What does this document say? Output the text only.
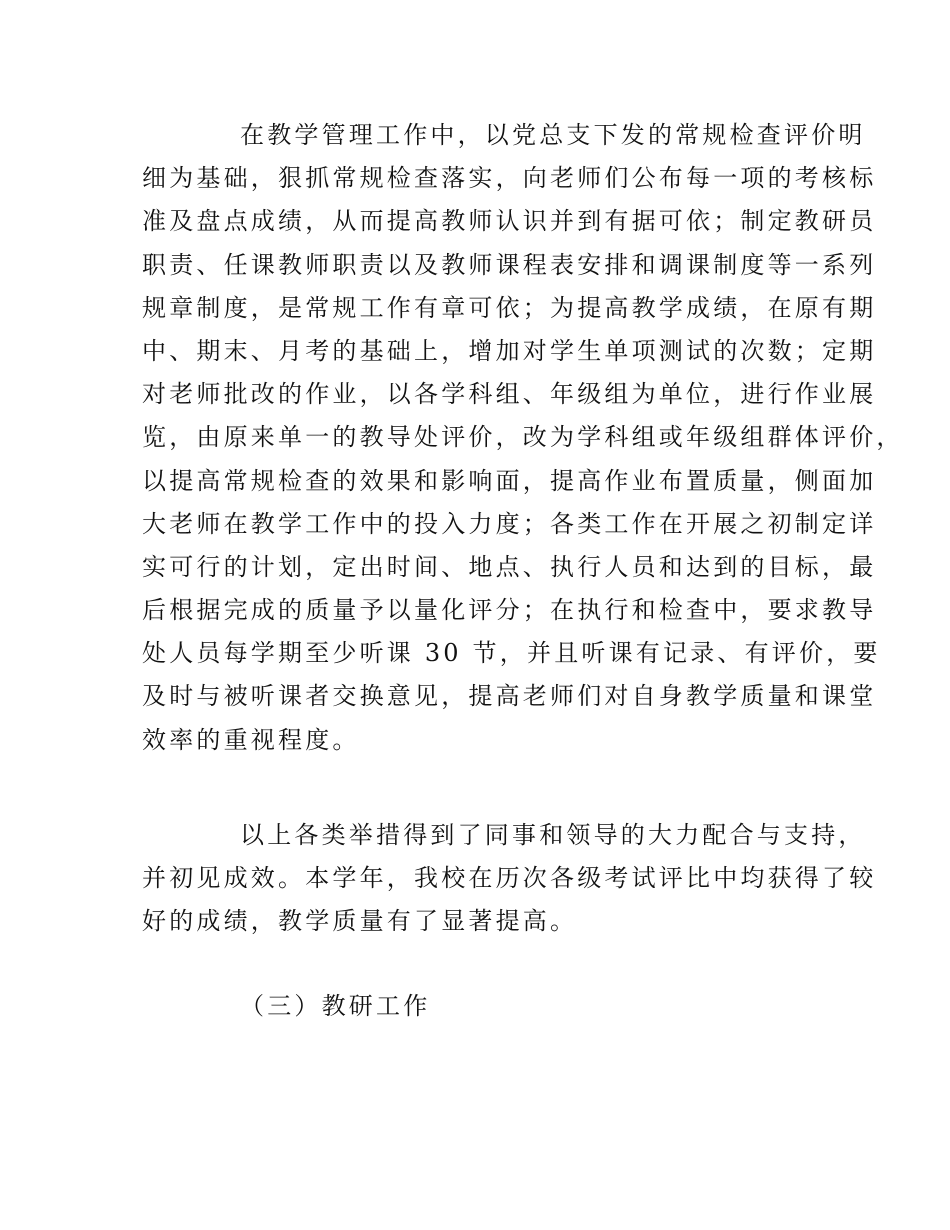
在教学管理工作中，以党总支下发的常规检查评价明
细为基础，狠抓常规检查落实，向老师们公布每一项的考核标
准及盘点成绩，从而提高教师认识并到有据可依；制定教研员
职责、任课教师职责以及教师课程表安排和调课制度等一系列
规章制度，是常规工作有章可依；为提高教学成绩，在原有期
中、期末、月考的基础上，增加对学生单项测试的次数；定期
对老师批改的作业，以各学科组、年级组为单位，进行作业展
览，由原来单一的教导处评价，改为学科组或年级组群体评价，
以提高常规检查的效果和影响面，提高作业布置质量，侧面加
大老师在教学工作中的投入力度；各类工作在开展之初制定详
实可行的计划，定出时间、地点、执行人员和达到的目标，最
后根据完成的质量予以量化评分；在执行和检查中，要求教导
处人员每学期至少听课 30 节，并且听课有记录、有评价，要
及时与被听课者交换意见，提高老师们对自身教学质量和课堂
效率的重视程度。
以上各类举措得到了同事和领导的大力配合与支持，
并初见成效。本学年，我校在历次各级考试评比中均获得了较
好的成绩，教学质量有了显著提高。
（三）教研工作
